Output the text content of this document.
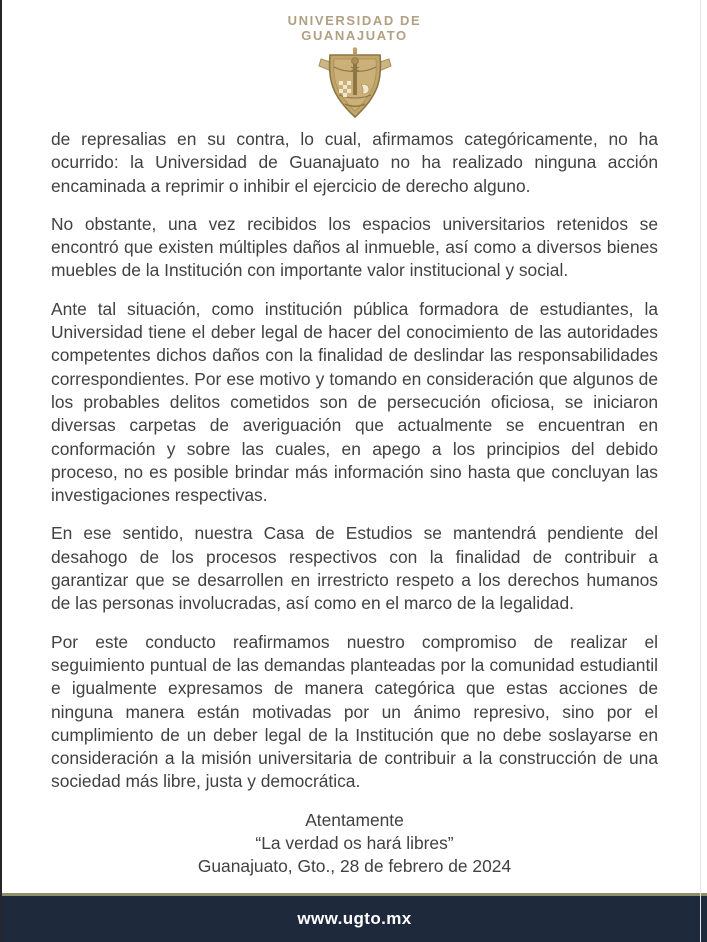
UNIVERSIDAD DE
GUANAJUATO

de represalias en su contra, lo cual, afirmamos categóricamente, no ha ocurrido: la Universidad de Guanajuato no ha realizado ninguna acción encaminada a reprimir o inhibir el ejercicio de derecho alguno.

No obstante, una vez recibidos los espacios universitarios retenidos se encontró que existen múltiples daños al inmueble, así como a diversos bienes muebles de la Institución con importante valor institucional y social.

Ante tal situación, como institución pública formadora de estudiantes, la Universidad tiene el deber legal de hacer del conocimiento de las autoridades competentes dichos daños con la finalidad de deslindar las responsabilidades correspondientes. Por ese motivo y tomando en consideración que algunos de los probables delitos cometidos son de persecución oficiosa, se iniciaron diversas carpetas de averiguación que actualmente se encuentran en conformación y sobre las cuales, en apego a los principios del debido proceso, no es posible brindar más información sino hasta que concluyan las investigaciones respectivas.

En ese sentido, nuestra Casa de Estudios se mantendrá pendiente del desahogo de los procesos respectivos con la finalidad de contribuir a garantizar que se desarrollen en irrestricto respeto a los derechos humanos de las personas involucradas, así como en el marco de la legalidad.

Por este conducto reafirmamos nuestro compromiso de realizar el seguimiento puntual de las demandas planteadas por la comunidad estudiantil e igualmente expresamos de manera categórica que estas acciones de ninguna manera están motivadas por un ánimo represivo, sino por el cumplimiento de un deber legal de la Institución que no debe soslayarse en consideración a la misión universitaria de contribuir a la construcción de una sociedad más libre, justa y democrática.

Atentamente
“La verdad os hará libres”
Guanajuato, Gto., 28 de febrero de 2024
www.ugto.mx
